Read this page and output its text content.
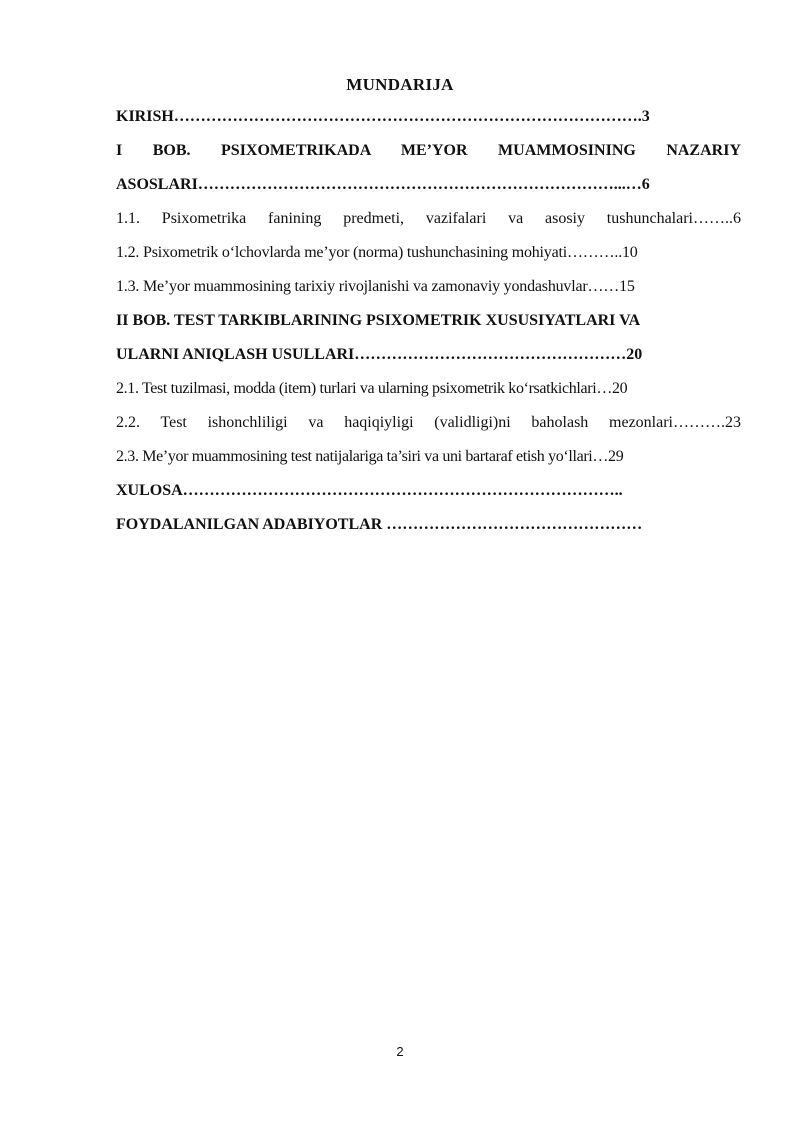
MUNDARIJA
KIRISH…………………………………………………………………………….3
I BOB. PSIXOMETRIKADA ME’YOR MUAMMOSINING NAZARIY
ASOSLARI……………………………………………………………………...…6
1.1. Psixometrika fanining predmeti, vazifalari va asosiy tushunchalari……..6
1.2. Psixometrik o‘lchovlarda me’yor (norma) tushunchasining mohiyati………..10
1.3. Me’yor muammosining tarixiy rivojlanishi va zamonaviy yondashuvlar……15
II BOB. TEST TARKIBLARINING PSIXOMETRIK XUSUSIYATLARI VA
ULARNI ANIQLASH USULLARI……………………………………………20
2.1. Test tuzilmasi, modda (item) turlari va ularning psixometrik ko‘rsatkichlari…20
2.2. Test ishonchliligi va haqiqiyligi (validligi)ni baholash mezonlari……….23
2.3. Me’yor muammosining test natijalariga ta’siri va uni bartaraf etish yo‘llari…29
XULOSA………………………………………………………………………..
FOYDALANILGAN ADABIYOTLAR …………………………………………
2
